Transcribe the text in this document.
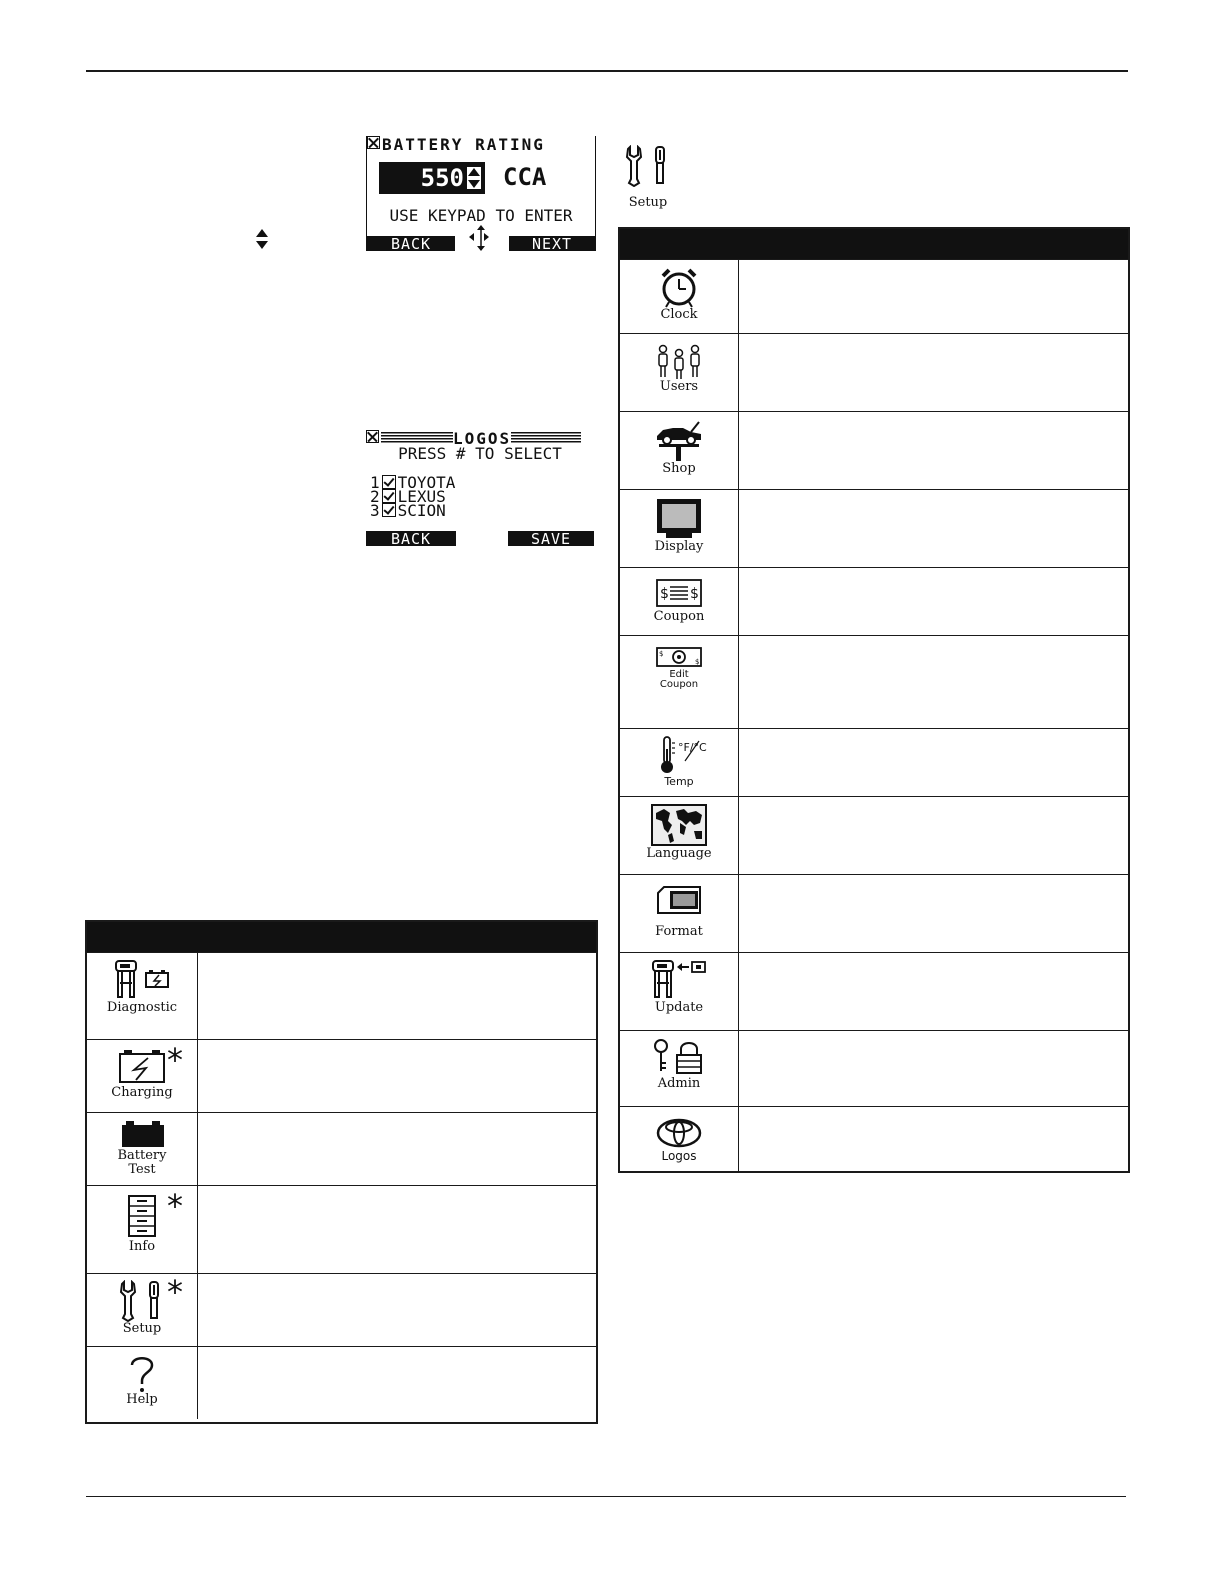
BATTERY RATING
550 CCA
USE KEYPAD TO ENTER
BACK	NEXT
LOGOS
PRESS # TO SELECT
1 TOYOTA
2 LEXUS
3 SCION
BACK	SAVE
Setup
Diagnostic
Charging
*
Battery
Test
Info
*
Setup
*
Help
Clock
Users
Shop
Display
$ $
Coupon
$
$
Edit
Coupon
°F/°C
Temp
Language
Format
Update
Admin
Logos
